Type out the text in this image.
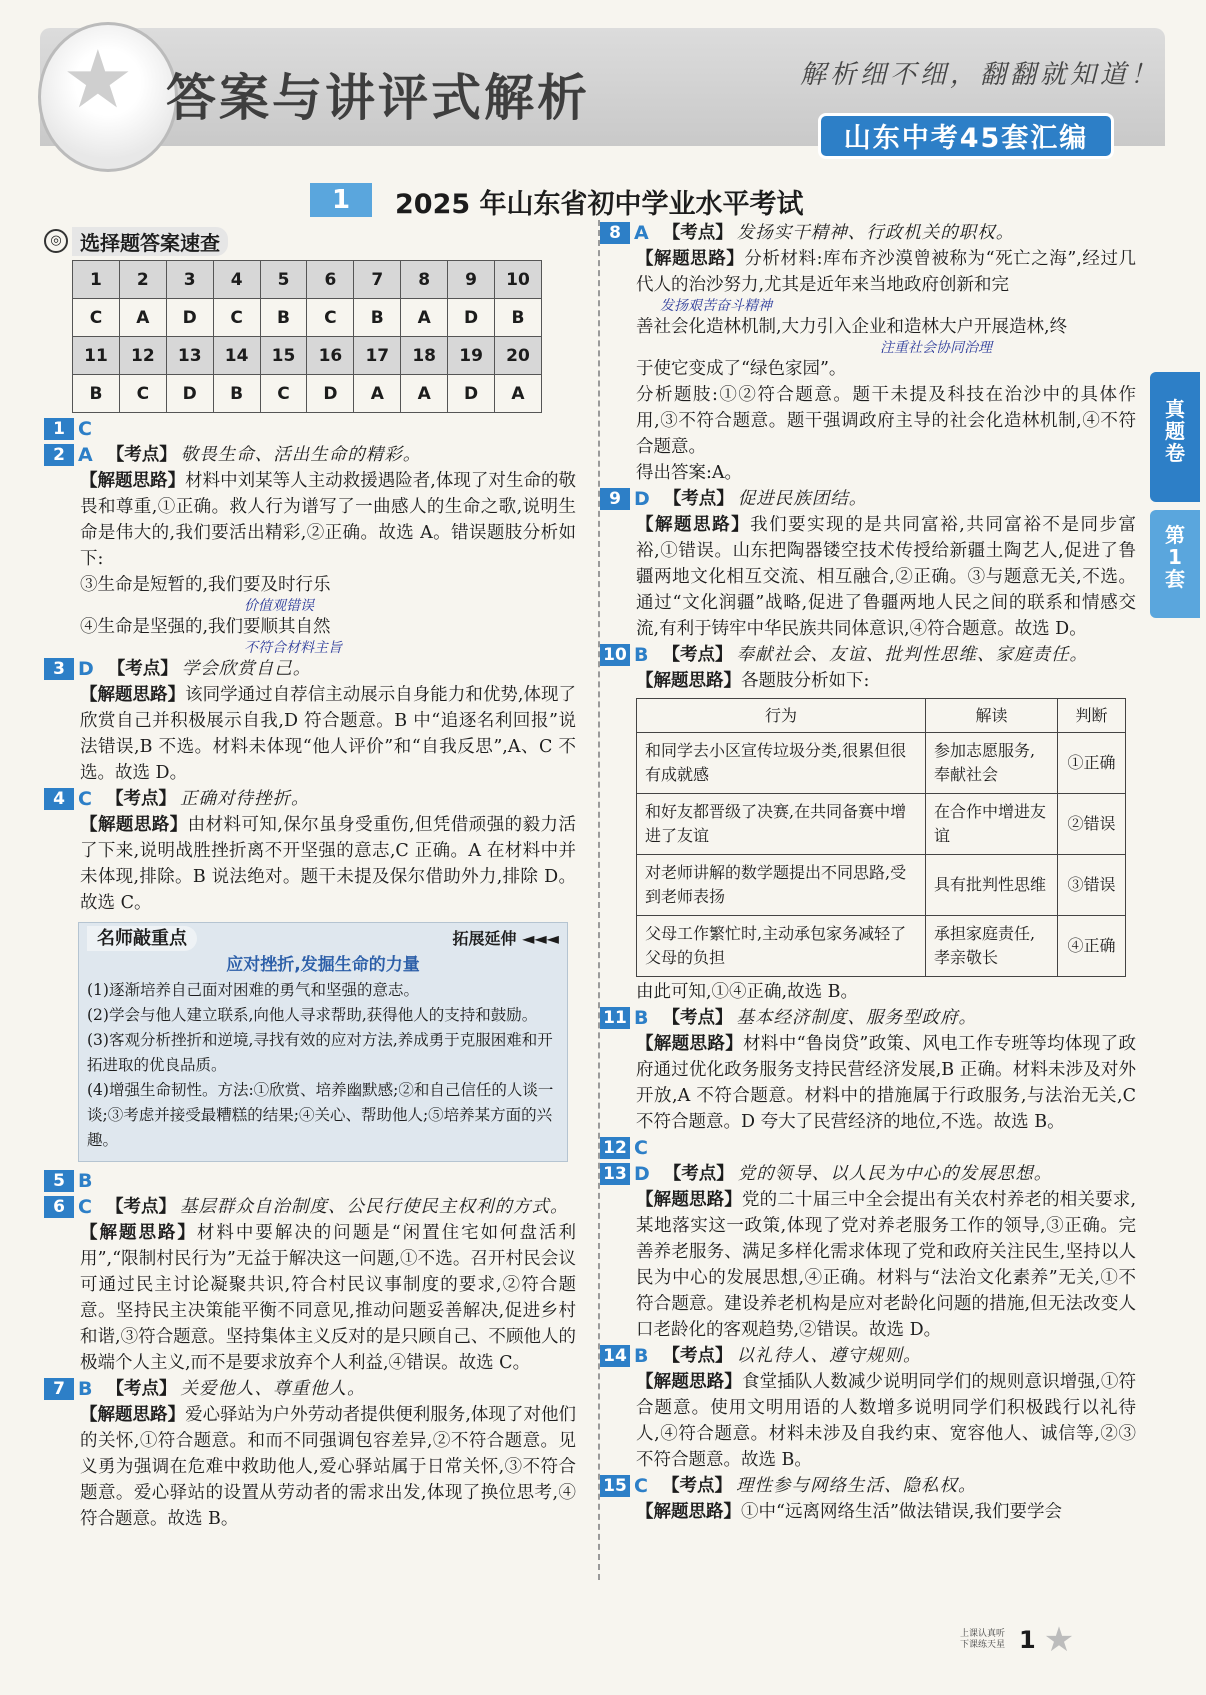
★ 答案与讲评式解析	解析细不细，翻翻就知道！
山东中考45套汇编
1	2025 年山东省初中学业水平考试
◎ 选择题答案速查
1	2	3	4	5	6	7	8	9	10
C	A	D	C	B	C	B	A	D	B
11	12	13	14	15	16	17	18	19	20
B	C	D	B	C	D	A	A	D	A
1 C
2 A 【考点】 敬畏生命、活出生命的精彩。
【解题思路】材料中刘某等人主动救援遇险者,体现了对生命的敬畏和尊重,①正确。救人行为谱写了一曲感人的生命之歌,说明生命是伟大的,我们要活出精彩,②正确。故选 A。错误题肢分析如下:
③生命是短暂的,我们要及时行乐
价值观错误
④生命是坚强的,我们要顺其自然
不符合材料主旨
3 D 【考点】 学会欣赏自己。
【解题思路】该同学通过自荐信主动展示自身能力和优势,体现了欣赏自己并积极展示自我,D 符合题意。B 中“追逐名利回报”说法错误,B 不选。材料未体现“他人评价”和“自我反思”,A、C 不选。故选 D。
4 C 【考点】 正确对待挫折。
【解题思路】由材料可知,保尔虽身受重伤,但凭借顽强的毅力活了下来,说明战胜挫折离不开坚强的意志,C 正确。A 在材料中并未体现,排除。B 说法绝对。题干未提及保尔借助外力,排除 D。故选 C。
名师敲重点	拓展延伸 ◄◄◄
应对挫折,发掘生命的力量
(1)逐渐培养自己面对困难的勇气和坚强的意志。
(2)学会与他人建立联系,向他人寻求帮助,获得他人的支持和鼓励。
(3)客观分析挫折和逆境,寻找有效的应对方法,养成勇于克服困难和开拓进取的优良品质。
(4)增强生命韧性。方法:①欣赏、培养幽默感;②和自己信任的人谈一谈;③考虑并接受最糟糕的结果;④关心、帮助他人;⑤培养某方面的兴趣。
5 B
6 C 【考点】 基层群众自治制度、公民行使民主权利的方式。
【解题思路】材料中要解决的问题是“闲置住宅如何盘活利用”,“限制村民行为”无益于解决这一问题,①不选。召开村民会议可通过民主讨论凝聚共识,符合村民议事制度的要求,②符合题意。坚持民主决策能平衡不同意见,推动问题妥善解决,促进乡村和谐,③符合题意。坚持集体主义反对的是只顾自己、不顾他人的极端个人主义,而不是要求放弃个人利益,④错误。故选 C。
7 B 【考点】 关爱他人、尊重他人。
【解题思路】爱心驿站为户外劳动者提供便利服务,体现了对他们的关怀,①符合题意。和而不同强调包容差异,②不符合题意。见义勇为强调在危难中救助他人,爱心驿站属于日常关怀,③不符合题意。爱心驿站的设置从劳动者的需求出发,体现了换位思考,④符合题意。故选 B。
8 A 【考点】 发扬实干精神、行政机关的职权。
【解题思路】分析材料:库布齐沙漠曾被称为“死亡之海”,经过几代人的治沙努力,尤其是近年来当地政府创新和完
发扬艰苦奋斗精神
善社会化造林机制,大力引入企业和造林大户开展造林,终
注重社会协同治理
于使它变成了“绿色家园”。
分析题肢:①②符合题意。题干未提及科技在治沙中的具体作用,③不符合题意。题干强调政府主导的社会化造林机制,④不符合题意。
得出答案:A。
9 D 【考点】 促进民族团结。
【解题思路】我们要实现的是共同富裕,共同富裕不是同步富裕,①错误。山东把陶器镂空技术传授给新疆土陶艺人,促进了鲁疆两地文化相互交流、相互融合,②正确。③与题意无关,不选。通过“文化润疆”战略,促进了鲁疆两地人民之间的联系和情感交流,有利于铸牢中华民族共同体意识,④符合题意。故选 D。
10 B 【考点】 奉献社会、友谊、批判性思维、家庭责任。
【解题思路】各题肢分析如下:
行为	解读	判断
和同学去小区宣传垃圾分类,很累但很有成就感	参加志愿服务,奉献社会	①正确
和好友都晋级了决赛,在共同备赛中增进了友谊	在合作中增进友谊	②错误
对老师讲解的数学题提出不同思路,受到老师表扬	具有批判性思维	③错误
父母工作繁忙时,主动承包家务减轻了父母的负担	承担家庭责任,孝亲敬长	④正确
由此可知,①④正确,故选 B。
11 B 【考点】 基本经济制度、服务型政府。
【解题思路】材料中“鲁岗贷”政策、风电工作专班等均体现了政府通过优化政务服务支持民营经济发展,B 正确。材料未涉及对外开放,A 不符合题意。材料中的措施属于行政服务,与法治无关,C 不符合题意。D 夸大了民营经济的地位,不选。故选 B。
12 C
13 D 【考点】 党的领导、以人民为中心的发展思想。
【解题思路】党的二十届三中全会提出有关农村养老的相关要求,某地落实这一政策,体现了党对养老服务工作的领导,③正确。完善养老服务、满足多样化需求体现了党和政府关注民生,坚持以人民为中心的发展思想,④正确。材料与“法治文化素养”无关,①不符合题意。建设养老机构是应对老龄化问题的措施,但无法改变人口老龄化的客观趋势,②错误。故选 D。
14 B 【考点】 以礼待人、遵守规则。
【解题思路】食堂插队人数减少说明同学们的规则意识增强,①符合题意。使用文明用语的人数增多说明同学们积极践行以礼待人,④符合题意。材料未涉及自我约束、宽容他人、诚信等,②③不符合题意。故选 B。
15 C 【考点】 理性参与网络生活、隐私权。
【解题思路】①中“远离网络生活”做法错误,我们要学会
真题卷
第1套
上课认真听
下课练天星 1 ★
